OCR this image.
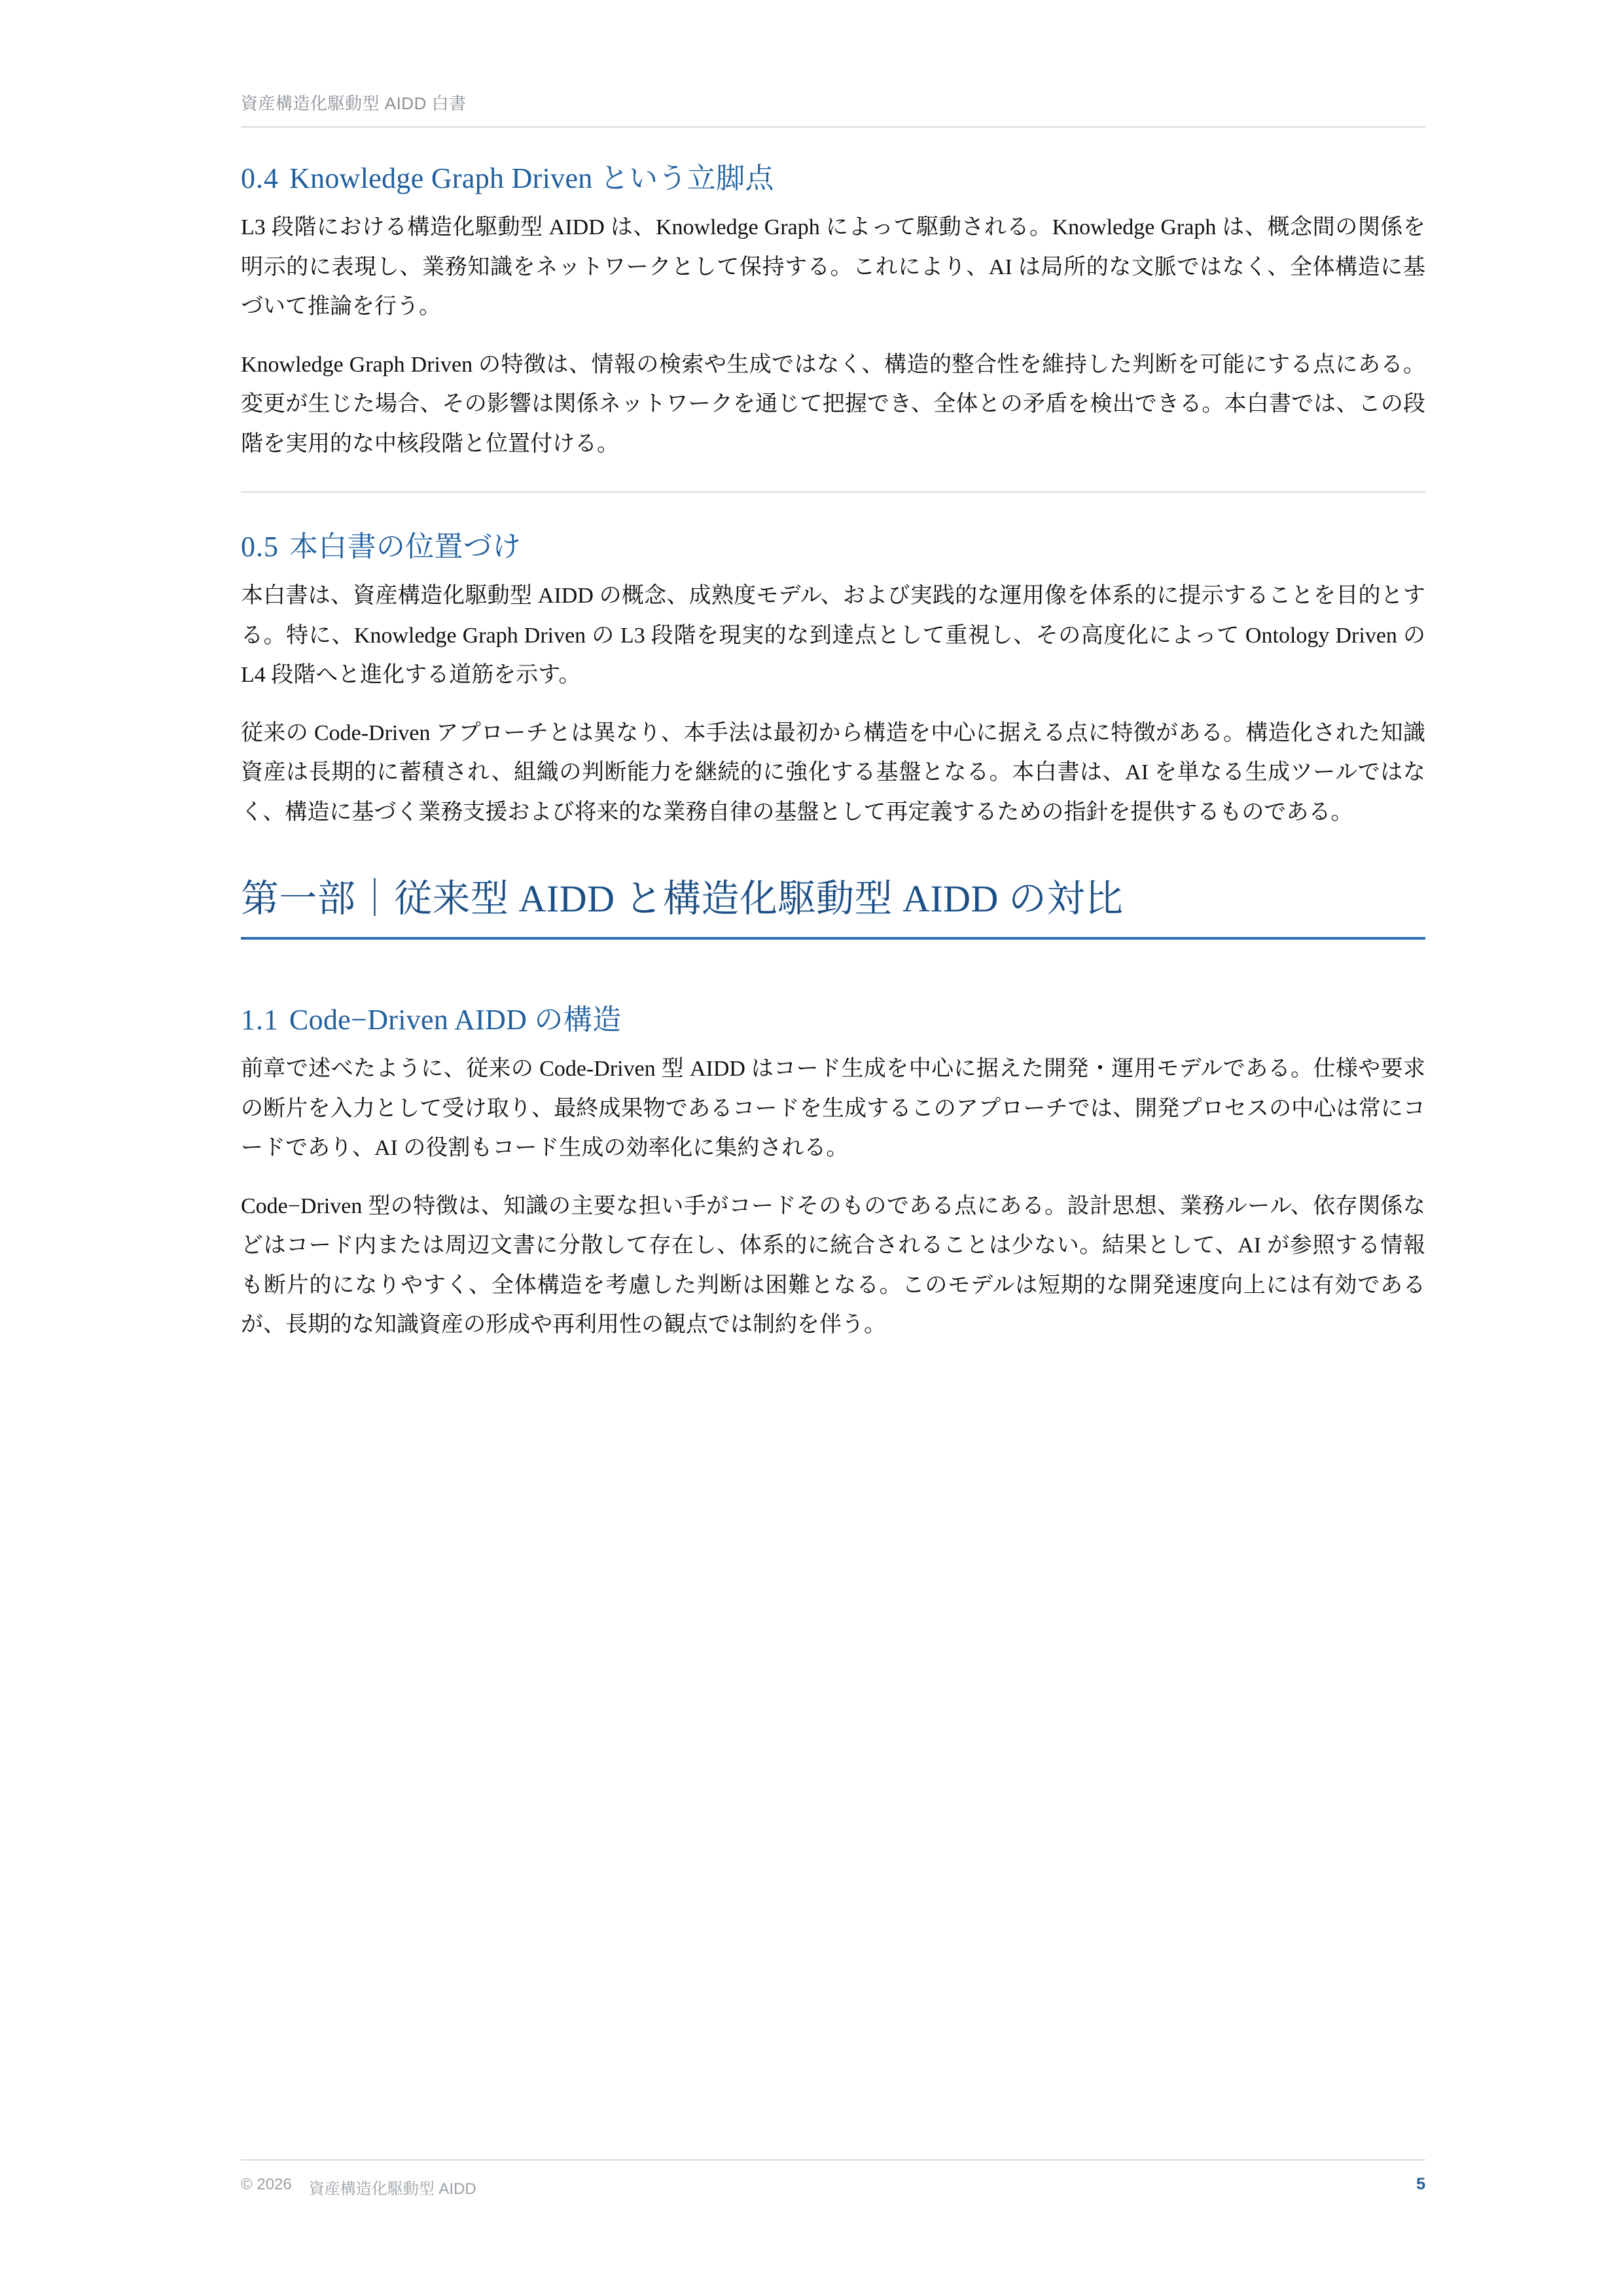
資産構造化駆動型 AIDD 白書
0.4 Knowledge Graph Driven という立脚点

L3 段階における構造化駆動型 AIDD は、Knowledge Graph によって駆動される。Knowledge Graph は、概念間の関係を明示的に表現し、業務知識をネットワークとして保持する。これにより、AI は局所的な文脈ではなく、全体構造に基づいて推論を行う。

Knowledge Graph Driven の特徴は、情報の検索や生成ではなく、構造的整合性を維持した判断を可能にする点にある。変更が生じた場合、その影響は関係ネットワークを通じて把握でき、全体との矛盾を検出できる。本白書では、この段階を実用的な中核段階と位置付ける。

0.5 本白書の位置づけ

本白書は、資産構造化駆動型 AIDD の概念、成熟度モデル、および実践的な運用像を体系的に提示することを目的とする。特に、Knowledge Graph Driven の L3 段階を現実的な到達点として重視し、その高度化によって Ontology Driven の L4 段階へと進化する道筋を示す。

従来の Code-Driven アプローチとは異なり、本手法は最初から構造を中心に据える点に特徴がある。構造化された知識資産は長期的に蓄積され、組織の判断能力を継続的に強化する基盤となる。本白書は、AI を単なる生成ツールではなく、構造に基づく業務支援および将来的な業務自律の基盤として再定義するための指針を提供するものである。

第一部｜従来型 AIDD と構造化駆動型 AIDD の対比
1.1 Code−Driven AIDD の構造

前章で述べたように、従来の Code-Driven 型 AIDD はコード生成を中心に据えた開発・運用モデルである。仕様や要求の断片を入力として受け取り、最終成果物であるコードを生成するこのアプローチでは、開発プロセスの中心は常にコードであり、AI の役割もコード生成の効率化に集約される。

Code−Driven 型の特徴は、知識の主要な担い手がコードそのものである点にある。設計思想、業務ルール、依存関係などはコード内または周辺文書に分散して存在し、体系的に統合されることは少ない。結果として、AI が参照する情報も断片的になりやすく、全体構造を考慮した判断は困難となる。このモデルは短期的な開発速度向上には有効であるが、長期的な知識資産の形成や再利用性の観点では制約を伴う。

© 2026 資産構造化駆動型 AIDD	5
